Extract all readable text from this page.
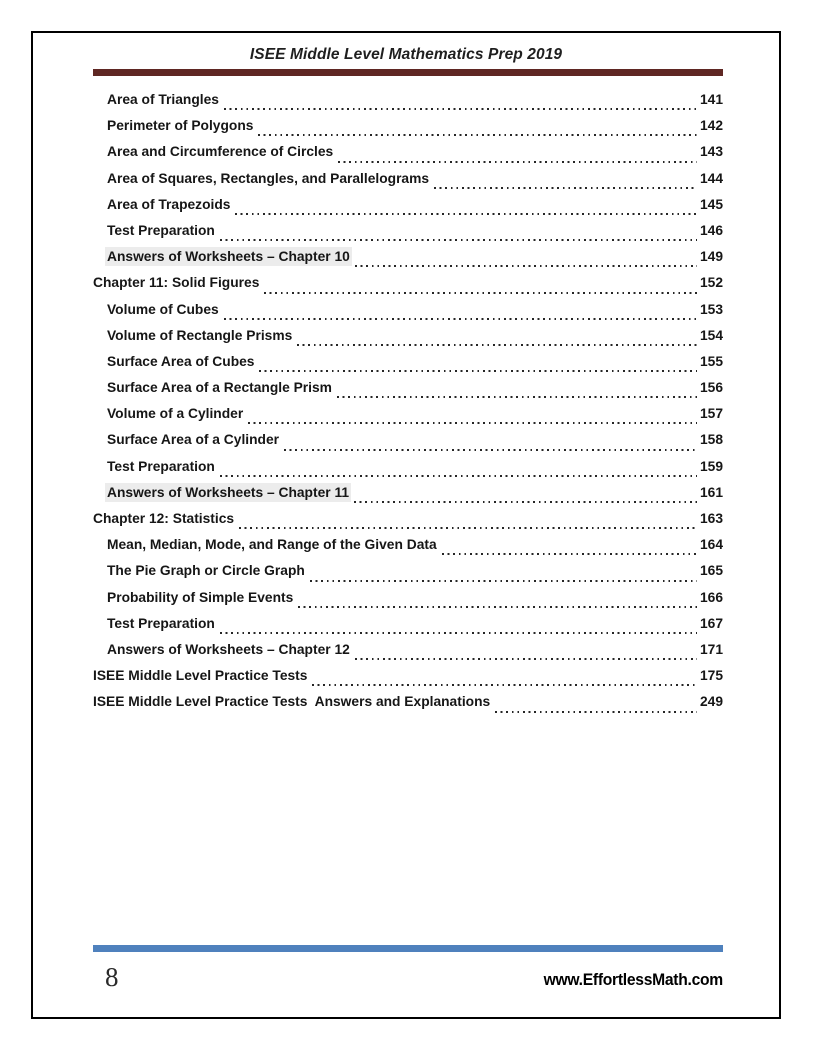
ISEE Middle Level Mathematics Prep 2019
Area of Triangles	141
Perimeter of Polygons	142
Area and Circumference of Circles	143
Area of Squares, Rectangles, and Parallelograms	144
Area of Trapezoids	145
Test Preparation	146
Answers of Worksheets – Chapter 10	149
Chapter 11: Solid Figures	152
Volume of Cubes	153
Volume of Rectangle Prisms	154
Surface Area of Cubes	155
Surface Area of a Rectangle Prism	156
Volume of a Cylinder	157
Surface Area of a Cylinder	158
Test Preparation	159
Answers of Worksheets – Chapter 11	161
Chapter 12: Statistics	163
Mean, Median, Mode, and Range of the Given Data	164
The Pie Graph or Circle Graph	165
Probability of Simple Events	166
Test Preparation	167
Answers of Worksheets – Chapter 12	171
ISEE Middle Level Practice Tests	175
ISEE Middle Level Practice Tests  Answers and Explanations	249
8	www.EffortlessMath.com
